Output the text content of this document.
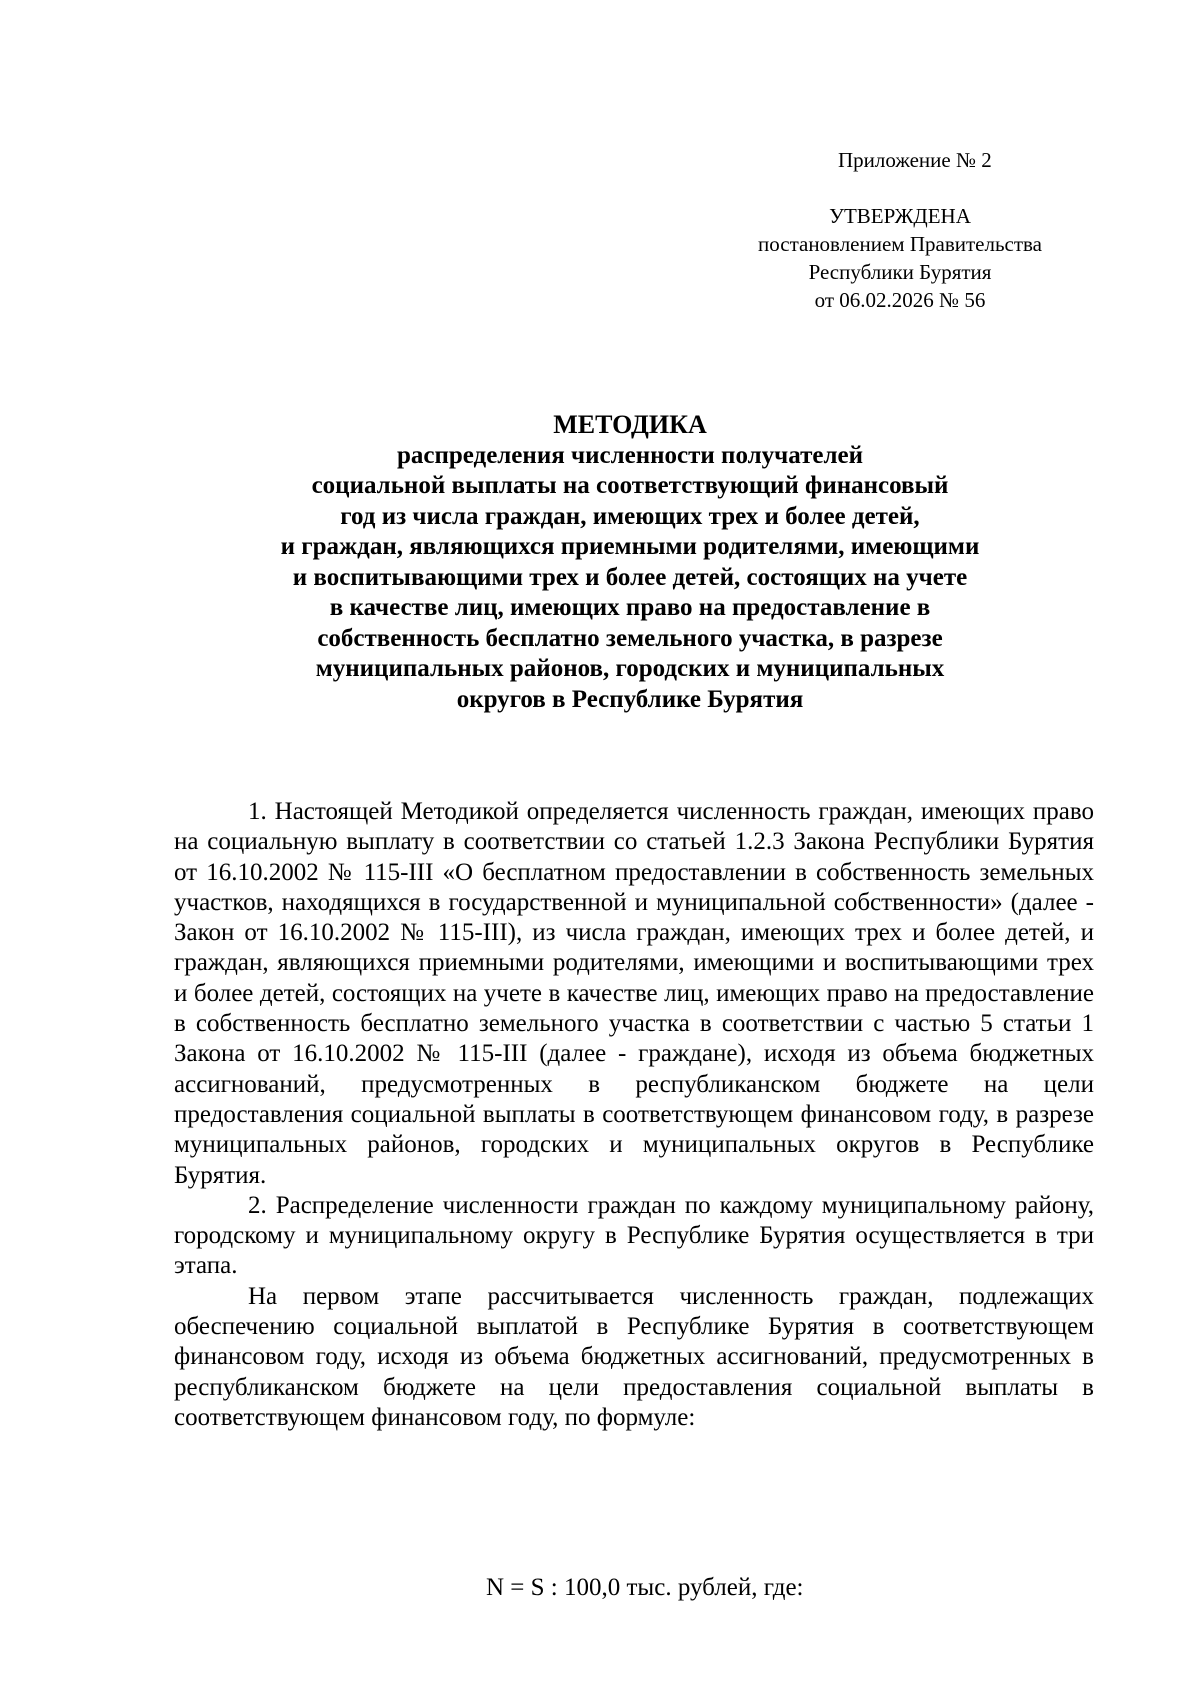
Приложение № 2
УТВЕРЖДЕНА
постановлением Правительства
Республики Бурятия
от 06.02.2026 № 56
МЕТОДИКА
распределения численности получателей
социальной выплаты на соответствующий финансовый
год из числа граждан, имеющих трех и более детей,
и граждан, являющихся приемными родителями, имеющими
и воспитывающими трех и более детей, состоящих на учете
в качестве лиц, имеющих право на предоставление в
собственность бесплатно земельного участка, в разрезе
муниципальных районов, городских и муниципальных
округов в Республике Бурятия

1. Настоящей Методикой определяется численность граждан, имеющих право на социальную выплату в соответствии со статьей 1.2.3 Закона Республики Бурятия от 16.10.2002 № 115-III «О бесплатном предоставлении в собственность земельных участков, находящихся в государственной и муниципальной собственности» (далее - Закон от 16.10.2002 № 115-III), из числа граждан, имеющих трех и более детей, и граждан, являющихся приемными родителями, имеющими и воспитывающими трех и более детей, состоящих на учете в качестве лиц, имеющих право на предоставление в собственность бесплатно земельного участка в соответствии с частью 5 статьи 1 Закона от 16.10.2002 № 115-III (далее - граждане), исходя из объема бюджетных ассигнований, предусмотренных в республиканском бюджете на цели предоставления социальной выплаты в соответствующем финансовом году, в разрезе муниципальных районов, городских и муниципальных округов в Республике Бурятия.

2. Распределение численности граждан по каждому муниципальному району, городскому и муниципальному округу в Республике Бурятия осуществляется в три этапа.

На первом этапе рассчитывается численность граждан, подлежащих обеспечению социальной выплатой в Республике Бурятия в соответствующем финансовом году, исходя из объема бюджетных ассигнований, предусмотренных в республиканском бюджете на цели предоставления социальной выплаты в соответствующем финансовом году, по формуле:

N = S : 100,0 тыс. рублей, где:
